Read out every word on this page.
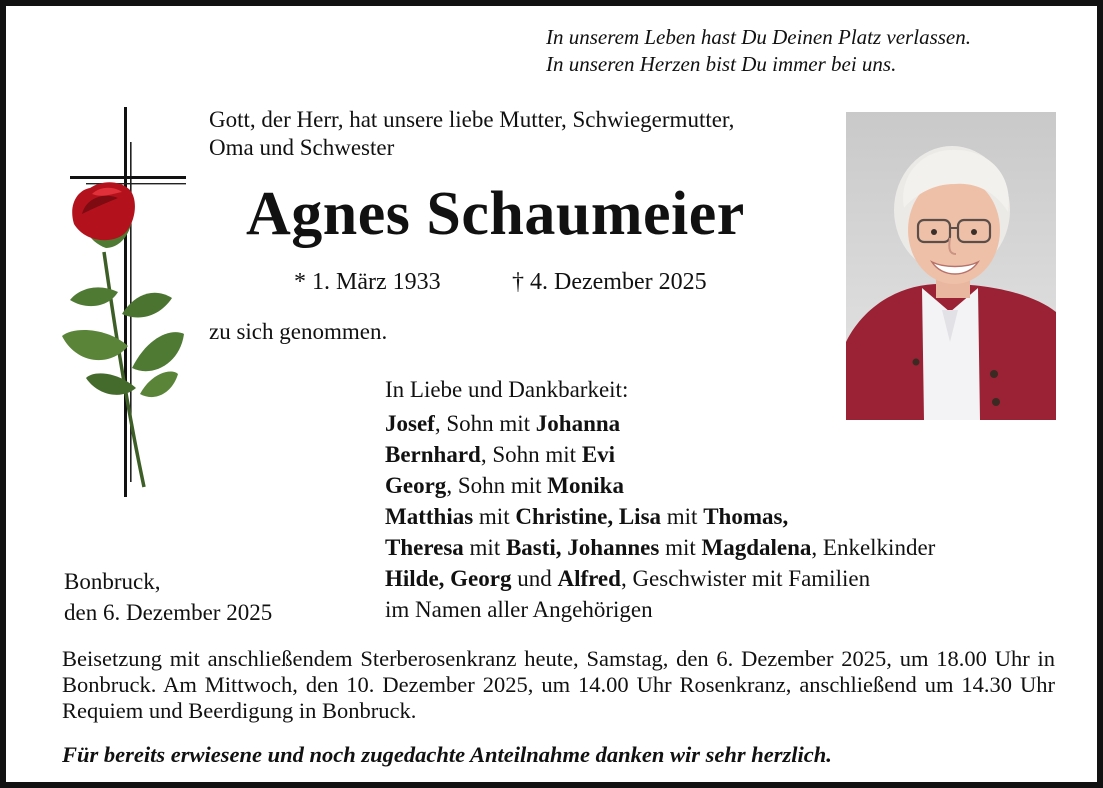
In unserem Leben hast Du Deinen Platz verlassen.
In unseren Herzen bist Du immer bei uns.
Gott, der Herr, hat unsere liebe Mutter, Schwiegermutter,
Oma und Schwester
Agnes Schaumeier
* 1. März 1933	† 4. Dezember 2025
zu sich genommen.
In Liebe und Dankbarkeit:
Josef, Sohn mit Johanna
Bernhard, Sohn mit Evi
Georg, Sohn mit Monika
Matthias mit Christine, Lisa mit Thomas,
Theresa mit Basti, Johannes mit Magdalena, Enkelkinder
Hilde, Georg und Alfred, Geschwister mit Familien
im Namen aller Angehörigen
Bonbruck,
den 6. Dezember 2025
Beisetzung mit anschließendem Sterberosenkranz heute, Samstag, den 6. Dezember 2025, um 18.00 Uhr in Bonbruck. Am Mittwoch, den 10. Dezember 2025, um 14.00 Uhr Rosenkranz, anschließend um 14.30 Uhr Requiem und Beerdigung in Bonbruck.
Für bereits erwiesene und noch zugedachte Anteilnahme danken wir sehr herzlich.
